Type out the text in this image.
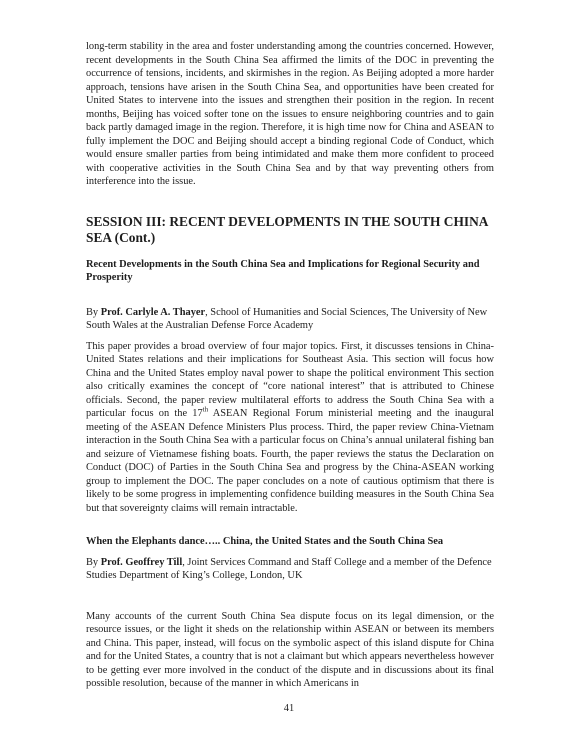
long-term stability in the area and foster understanding among the countries concerned. However, recent developments in the South China Sea affirmed the limits of the DOC in preventing the occurrence of tensions, incidents, and skirmishes in the region. As Beijing adopted a more harder approach, tensions have arisen in the South China Sea, and opportunities have been created for United States to intervene into the issues and strengthen their position in the region. In recent months, Beijing has voiced softer tone on the issues to ensure neighboring countries and to gain back partly damaged image in the region. Therefore, it is high time now for China and ASEAN to fully implement the DOC and Beijing should accept a binding regional Code of Conduct, which would ensure smaller parties from being intimidated and make them more confident to proceed with cooperative activities in the South China Sea and by that way preventing others from interference into the issue.

SESSION III: RECENT DEVELOPMENTS IN THE SOUTH CHINA SEA (Cont.)

Recent Developments in the South China Sea and Implications for Regional Security and Prosperity

By Prof. Carlyle A. Thayer, School of Humanities and Social Sciences, The University of New South Wales at the Australian Defense Force Academy

This paper provides a broad overview of four major topics. First, it discusses tensions in China-United States relations and their implications for Southeast Asia. This section will focus how China and the United States employ naval power to shape the political environment This section also critically examines the concept of “core national interest” that is attributed to Chinese officials. Second, the paper review multilateral efforts to address the South China Sea with a particular focus on the 17th ASEAN Regional Forum ministerial meeting and the inaugural meeting of the ASEAN Defence Ministers Plus process. Third, the paper review China-Vietnam interaction in the South China Sea with a particular focus on China’s annual unilateral fishing ban and seizure of Vietnamese fishing boats. Fourth, the paper reviews the status the Declaration on Conduct (DOC) of Parties in the South China Sea and progress by the China-ASEAN working group to implement the DOC. The paper concludes on a note of cautious optimism that there is likely to be some progress in implementing confidence building measures in the South China Sea but that sovereignty claims will remain intractable.

When the Elephants dance….. China, the United States and the South China Sea

By Prof. Geoffrey Till, Joint Services Command and Staff College and a member of the Defence Studies Department of King’s College, London, UK

Many accounts of the current South China Sea dispute focus on its legal dimension, or the resource issues, or the light it sheds on the relationship within ASEAN or between its members and China. This paper, instead, will focus on the symbolic aspect of this island dispute for China and for the United States, a country that is not a claimant but which appears nevertheless however to be getting ever more involved in the conduct of the dispute and in discussions about its final possible resolution, because of the manner in which Americans in

41
